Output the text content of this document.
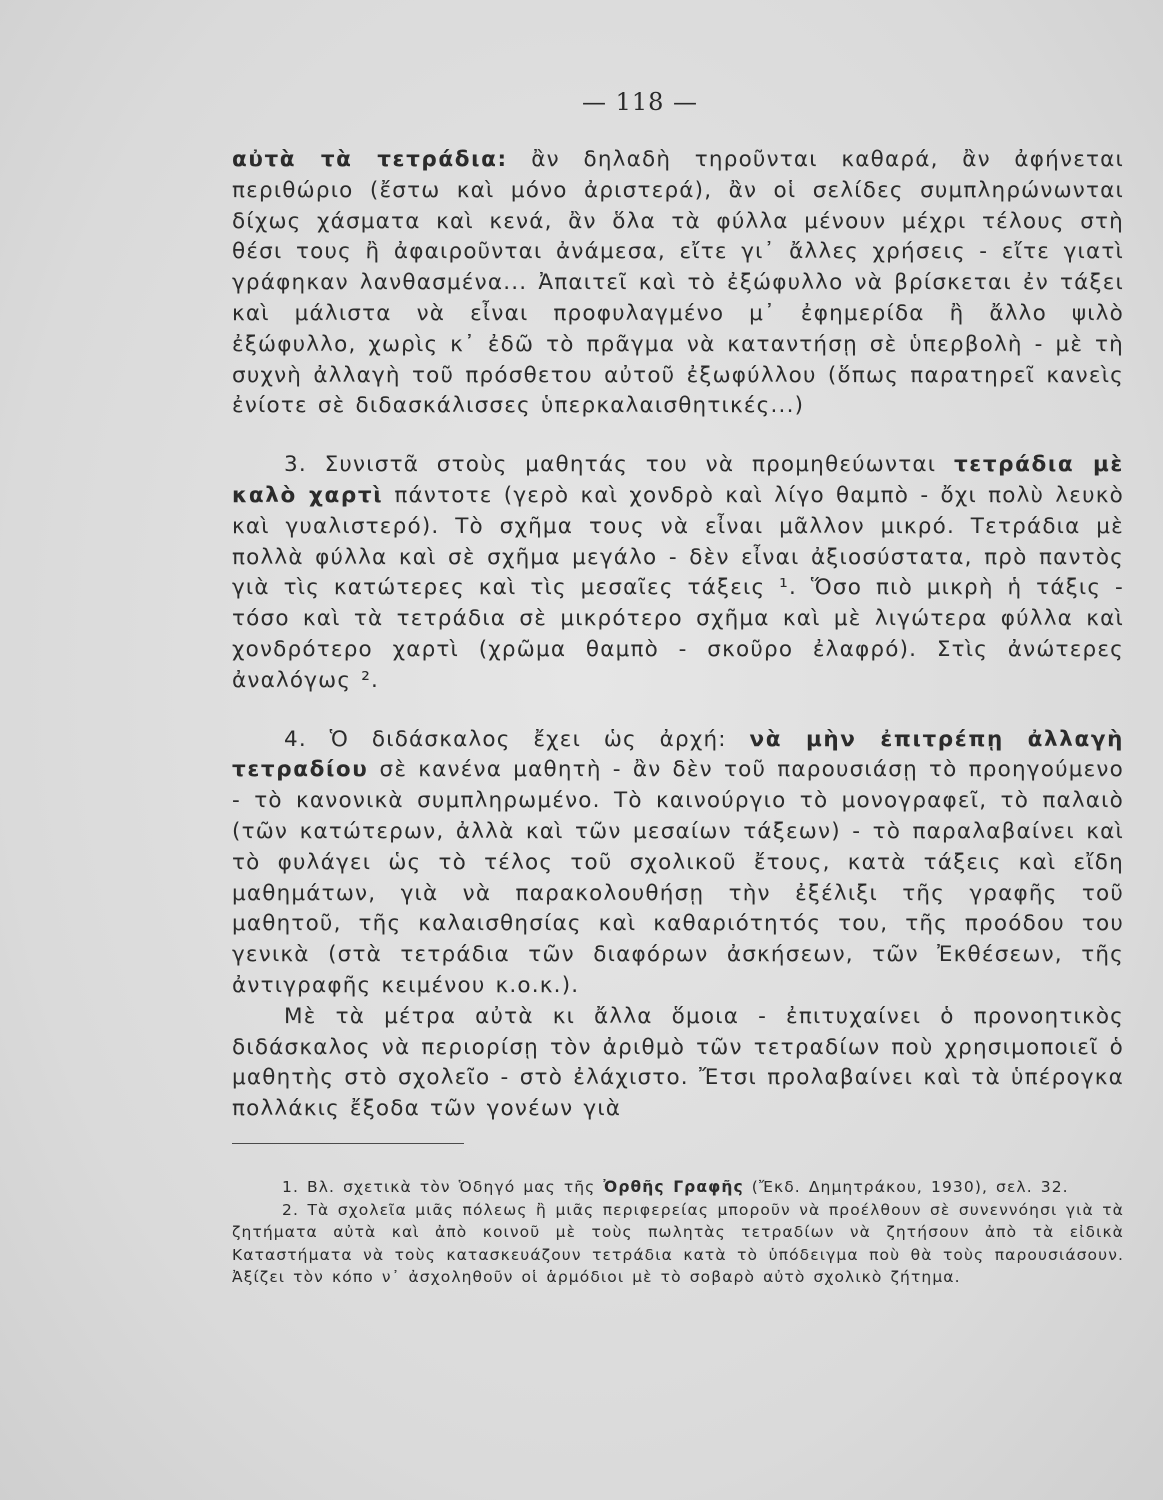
— 118 —

αὐτὰ τὰ τετράδια: ἂν δηλαδὴ τηροῦνται καθαρά, ἂν ἀφήνεται περιθώριο (ἔστω καὶ μόνο ἀριστερά), ἂν οἱ σελίδες συμπληρώνωνται δίχως χάσματα καὶ κενά, ἂν ὅλα τὰ φύλλα μένουν μέχρι τέλους στὴ θέσι τους ἢ ἀφαιροῦνται ἀνάμεσα, εἴτε γι᾿ ἄλλες χρήσεις - εἴτε γιατὶ γράφηκαν λανθασμένα... Ἀπαιτεῖ καὶ τὸ ἐξώφυλλο νὰ βρίσκεται ἐν τάξει καὶ μάλιστα νὰ εἶναι προφυλαγμένο μ᾿ ἐφημερίδα ἢ ἄλλο ψιλὸ ἐξώφυλλο, χωρὶς κ᾿ ἐδῶ τὸ πρᾶγμα νὰ καταντήσῃ σὲ ὑπερβολὴ - μὲ τὴ συχνὴ ἀλλαγὴ τοῦ πρόσθετου αὐτοῦ ἐξωφύλλου (ὅπως παρατηρεῖ κανεὶς ἐνίοτε σὲ διδασκάλισσες ὑπερκαλαισθητικές...)

3. Συνιστᾶ στοὺς μαθητάς του νὰ προμηθεύωνται τετράδια μὲ καλὸ χαρτὶ πάντοτε (γερὸ καὶ χονδρὸ καὶ λίγο θαμπὸ - ὄχι πολὺ λευκὸ καὶ γυαλιστερό). Τὸ σχῆμα τους νὰ εἶναι μᾶλλον μικρό. Τετράδια μὲ πολλὰ φύλλα καὶ σὲ σχῆμα μεγάλο - δὲν εἶναι ἀξιοσύστατα, πρὸ παντὸς γιὰ τὶς κατώτερες καὶ τὶς μεσαῖες τάξεις ¹. Ὅσο πιὸ μικρὴ ἡ τάξις - τόσο καὶ τὰ τετράδια σὲ μικρότερο σχῆμα καὶ μὲ λιγώτερα φύλλα καὶ χονδρότερο χαρτὶ (χρῶμα θαμπὸ - σκοῦρο ἐλαφρό). Στὶς ἀνώτερες ἀναλόγως ².

4. Ὁ διδάσκαλος ἔχει ὡς ἀρχή: νὰ μὴν ἐπιτρέπῃ ἀλλαγὴ τετραδίου σὲ κανένα μαθητὴ - ἂν δὲν τοῦ παρουσιάσῃ τὸ προηγούμενο - τὸ κανονικὰ συμπληρωμένο. Τὸ καινούργιο τὸ μονογραφεῖ, τὸ παλαιὸ (τῶν κατώτερων, ἀλλὰ καὶ τῶν μεσαίων τάξεων) - τὸ παραλαβαίνει καὶ τὸ φυλάγει ὡς τὸ τέλος τοῦ σχολικοῦ ἔτους, κατὰ τάξεις καὶ εἴδη μαθημάτων, γιὰ νὰ παρακολουθήσῃ τὴν ἐξέλιξι τῆς γραφῆς τοῦ μαθητοῦ, τῆς καλαισθησίας καὶ καθαριότητός του, τῆς προόδου του γενικὰ (στὰ τετράδια τῶν διαφόρων ἀσκήσεων, τῶν Ἐκθέσεων, τῆς ἀντιγραφῆς κειμένου κ.ο.κ.).

Μὲ τὰ μέτρα αὐτὰ κι ἄλλα ὅμοια - ἐπιτυχαίνει ὁ προνοητικὸς διδάσκαλος νὰ περιορίσῃ τὸν ἀριθμὸ τῶν τετραδίων ποὺ χρησιμοποιεῖ ὁ μαθητὴς στὸ σχολεῖο - στὸ ἐλάχιστο. Ἔτσι προλαβαίνει καὶ τὰ ὑπέρογκα πολλάκις ἔξοδα τῶν γονέων γιὰ

1. Βλ. σχετικὰ τὸν Ὁδηγό μας τῆς Ὀρθῆς Γραφῆς (Ἔκδ. Δημητράκου, 1930), σελ. 32.

2. Τὰ σχολεῖα μιᾶς πόλεως ἢ μιᾶς περιφερείας μποροῦν νὰ προέλθουν σὲ συνεννόησι γιὰ τὰ ζητήματα αὐτὰ καὶ ἀπὸ κοινοῦ μὲ τοὺς πωλητὰς τετραδίων νὰ ζητήσουν ἀπὸ τὰ εἰδικὰ Καταστήματα νὰ τοὺς κατασκευάζουν τετράδια κατὰ τὸ ὑπόδειγμα ποὺ θὰ τοὺς παρουσιάσουν. Ἀξίζει τὸν κόπο ν᾿ ἀσχοληθοῦν οἱ ἁρμόδιοι μὲ τὸ σοβαρὸ αὐτὸ σχολικὸ ζήτημα.
